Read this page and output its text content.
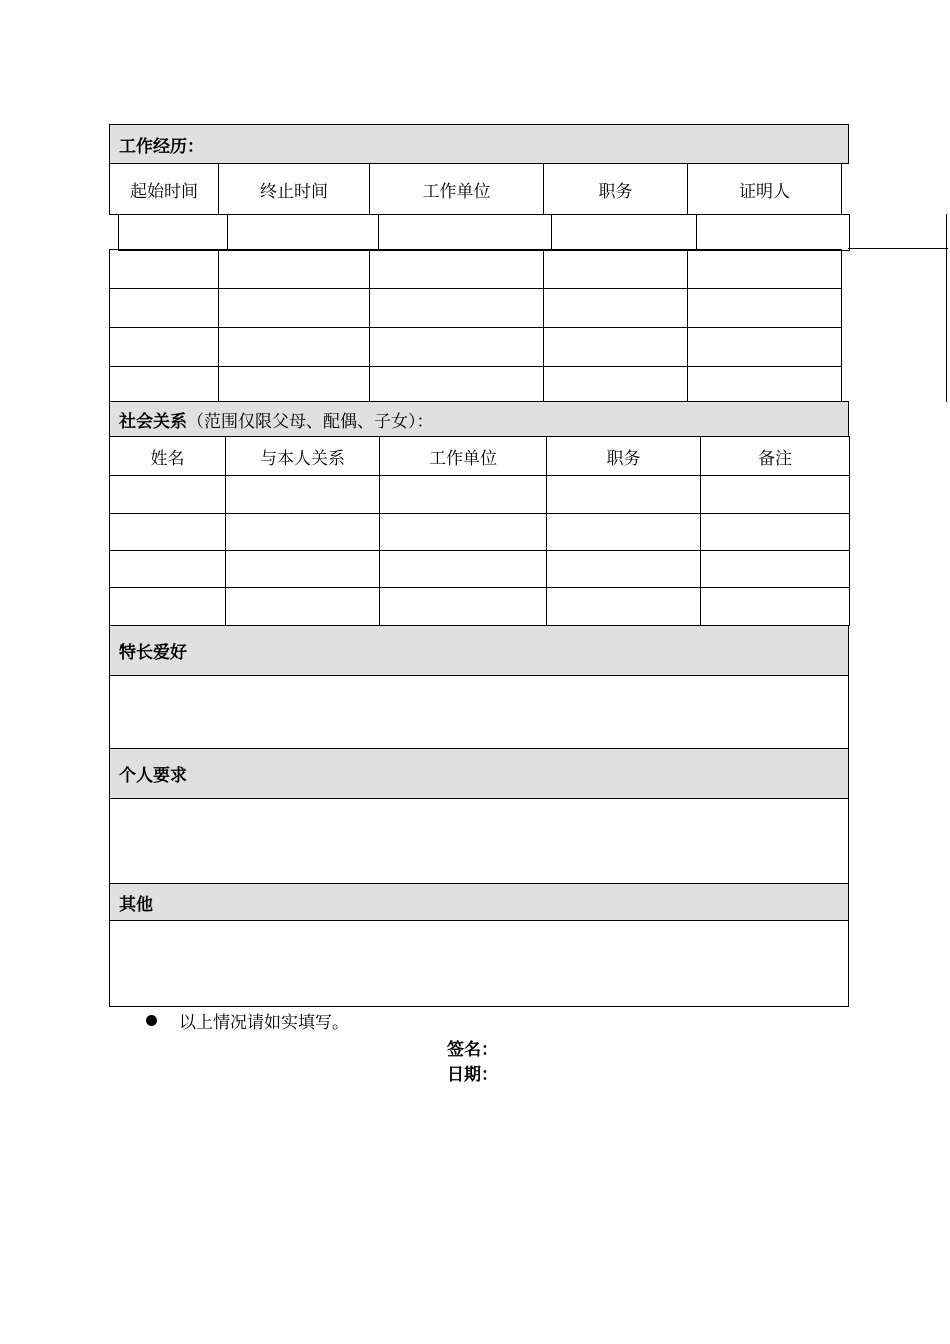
工作经历：
起始时间	终止时间	工作单位	职务	证明人

社会关系 （范围仅限父母、配偶、子女）：
姓名	与本人关系	工作单位	职务	备注

特长爱好
个人要求
其他
以上情况请如实填写。
签名：
日期：
